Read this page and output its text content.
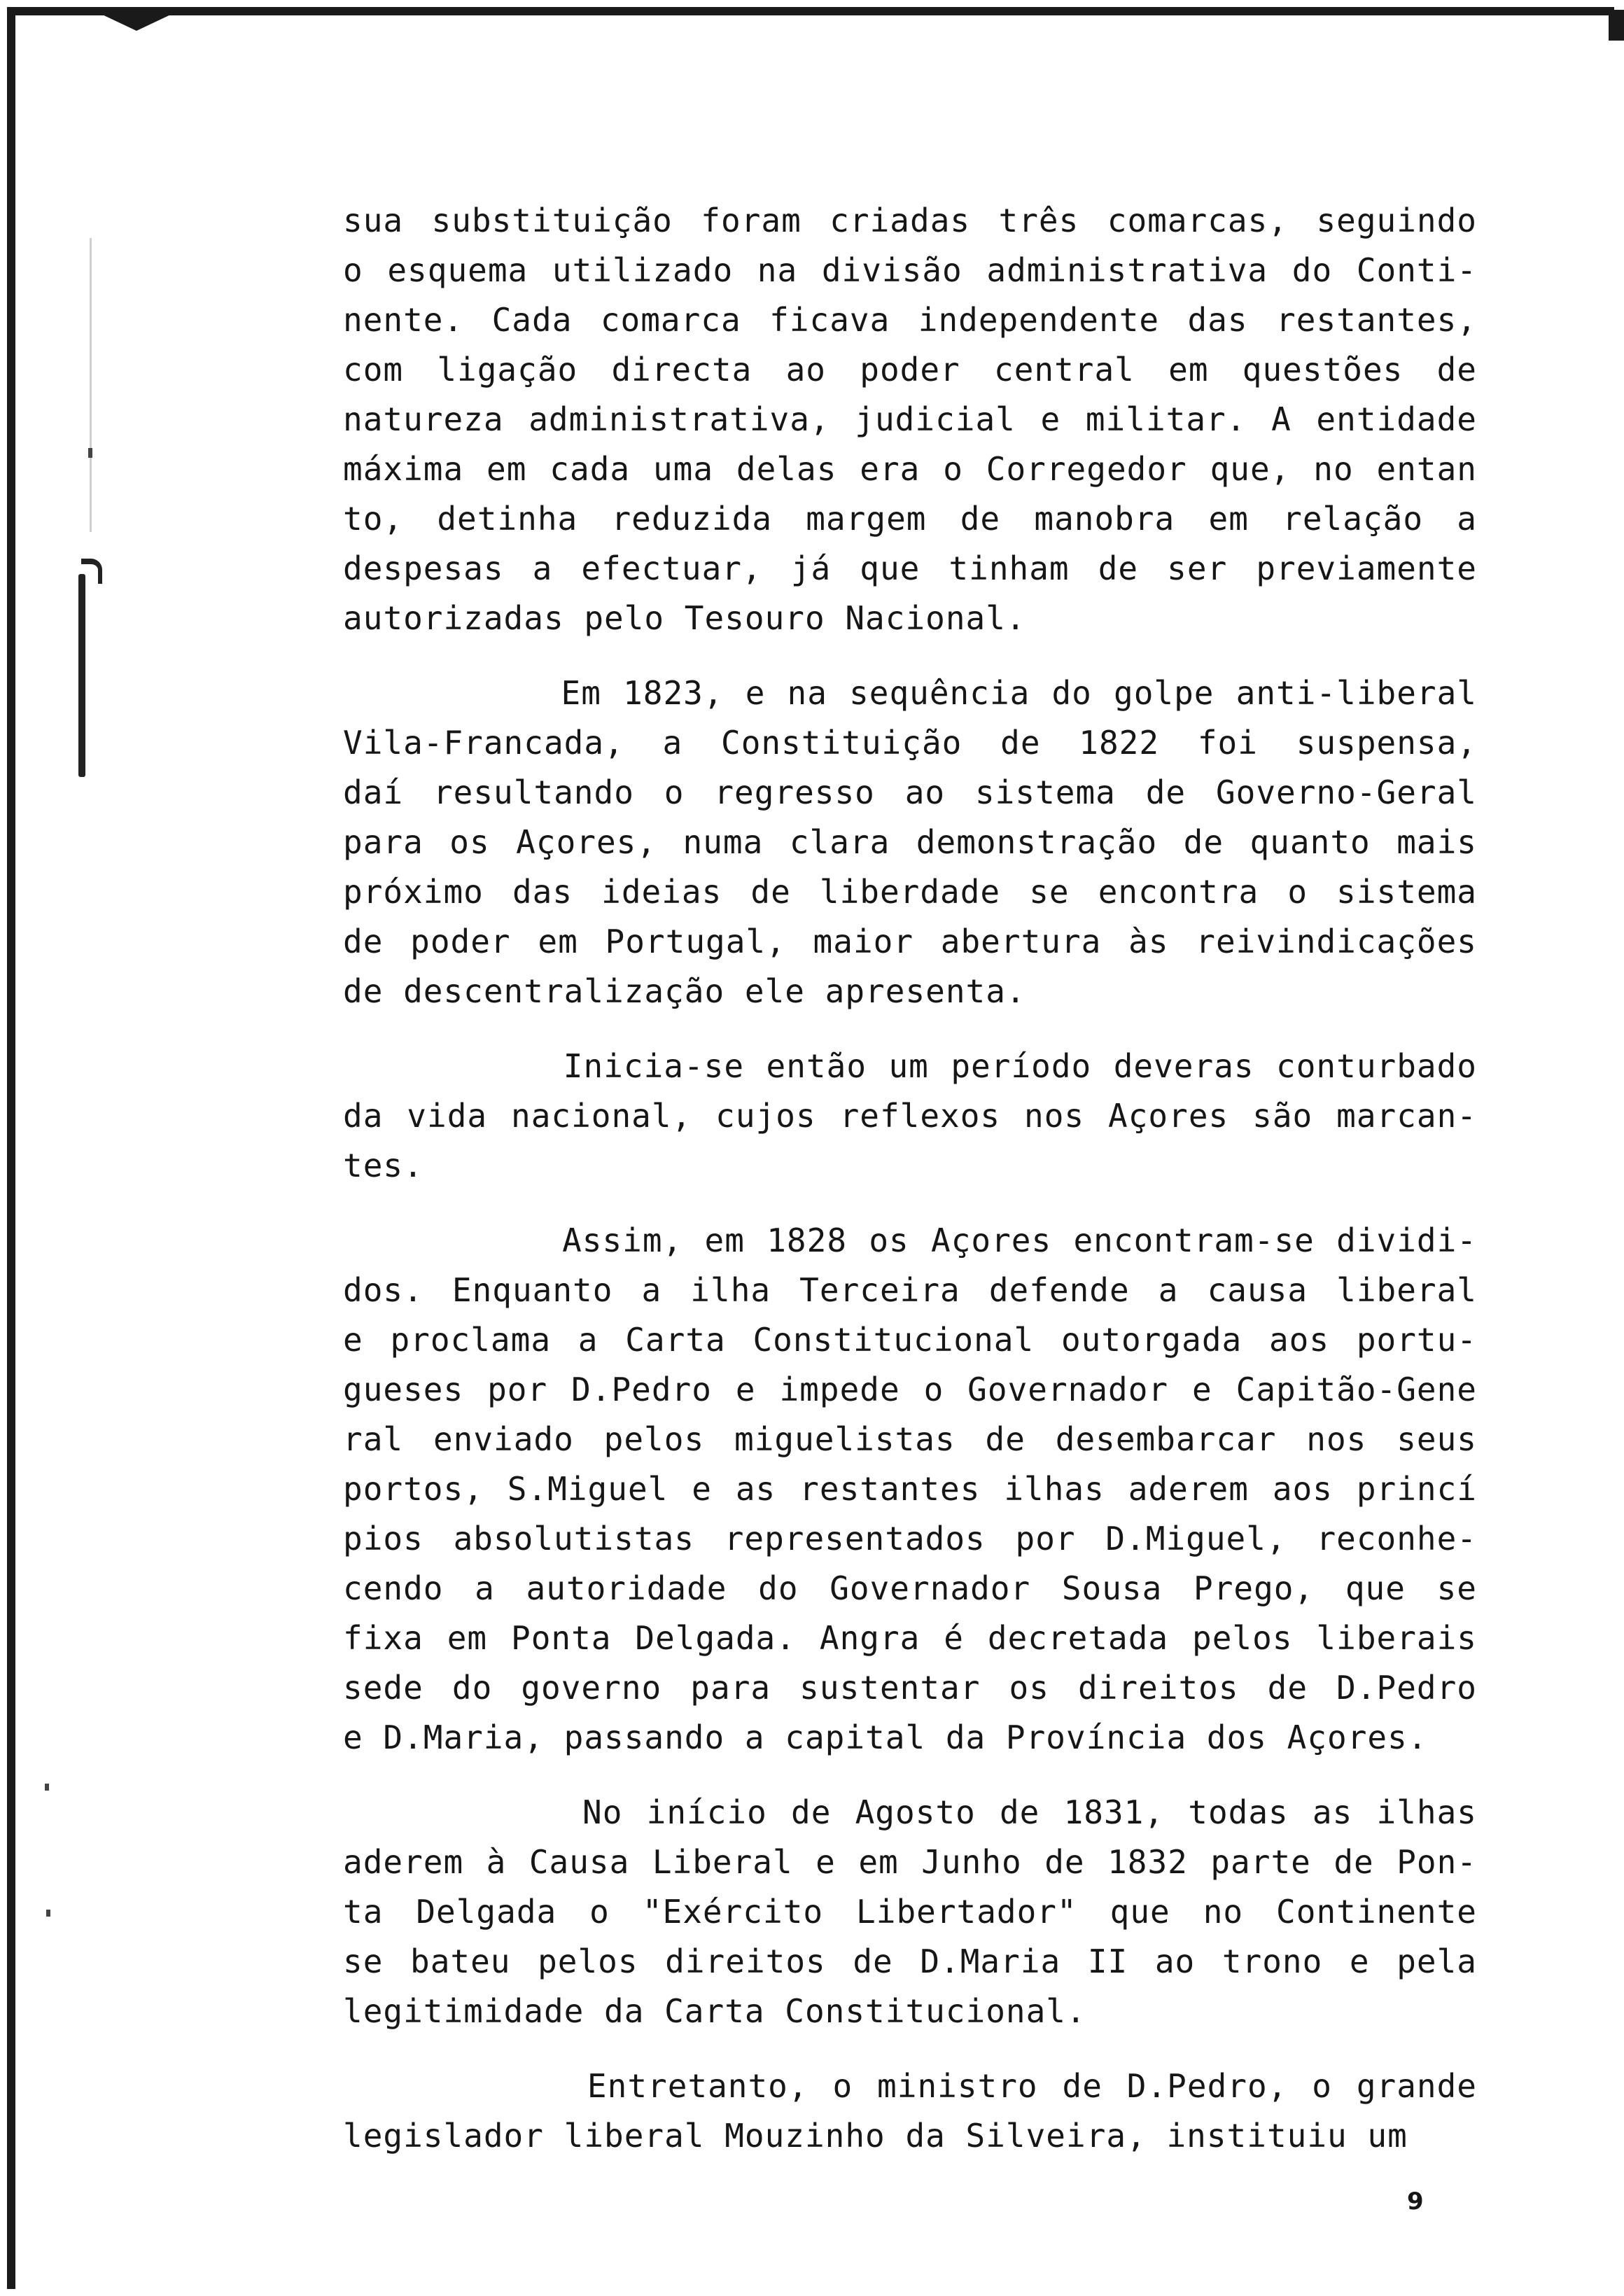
sua substituição foram criadas três comarcas, seguindo
o esquema utilizado na divisão administrativa do Conti-
nente. Cada comarca ficava independente das restantes,
com ligação directa ao poder central em questões de
natureza administrativa, judicial e militar. A entidade
máxima em cada uma delas era o Corregedor que, no entan
to, detinha reduzida margem de manobra em relação a
despesas a efectuar, já que tinham de ser previamente
autorizadas pelo Tesouro Nacional.
Em 1823, e na sequência do golpe anti-liberal
Vila-Francada, a Constituição de 1822 foi suspensa,
daí resultando o regresso ao sistema de Governo-Geral
para os Açores, numa clara demonstração de quanto mais
próximo das ideias de liberdade se encontra o sistema
de poder em Portugal, maior abertura às reivindicações
de descentralização ele apresenta.
Inicia-se então um período deveras conturbado
da vida nacional, cujos reflexos nos Açores são marcan-
tes.
Assim, em 1828 os Açores encontram-se dividi-
dos. Enquanto a ilha Terceira defende a causa liberal
e proclama a Carta Constitucional outorgada aos portu-
gueses por D.Pedro e impede o Governador e Capitão-Gene
ral enviado pelos miguelistas de desembarcar nos seus
portos, S.Miguel e as restantes ilhas aderem aos princí
pios absolutistas representados por D.Miguel, reconhe-
cendo a autoridade do Governador Sousa Prego, que se
fixa em Ponta Delgada. Angra é decretada pelos liberais
sede do governo para sustentar os direitos de D.Pedro
e D.Maria, passando a capital da Província dos Açores.
No início de Agosto de 1831, todas as ilhas
aderem à Causa Liberal e em Junho de 1832 parte de Pon-
ta Delgada o "Exército Libertador" que no Continente
se bateu pelos direitos de D.Maria II ao trono e pela
legitimidade da Carta Constitucional.
Entretanto, o ministro de D.Pedro, o grande
legislador liberal Mouzinho da Silveira, instituiu um
9
